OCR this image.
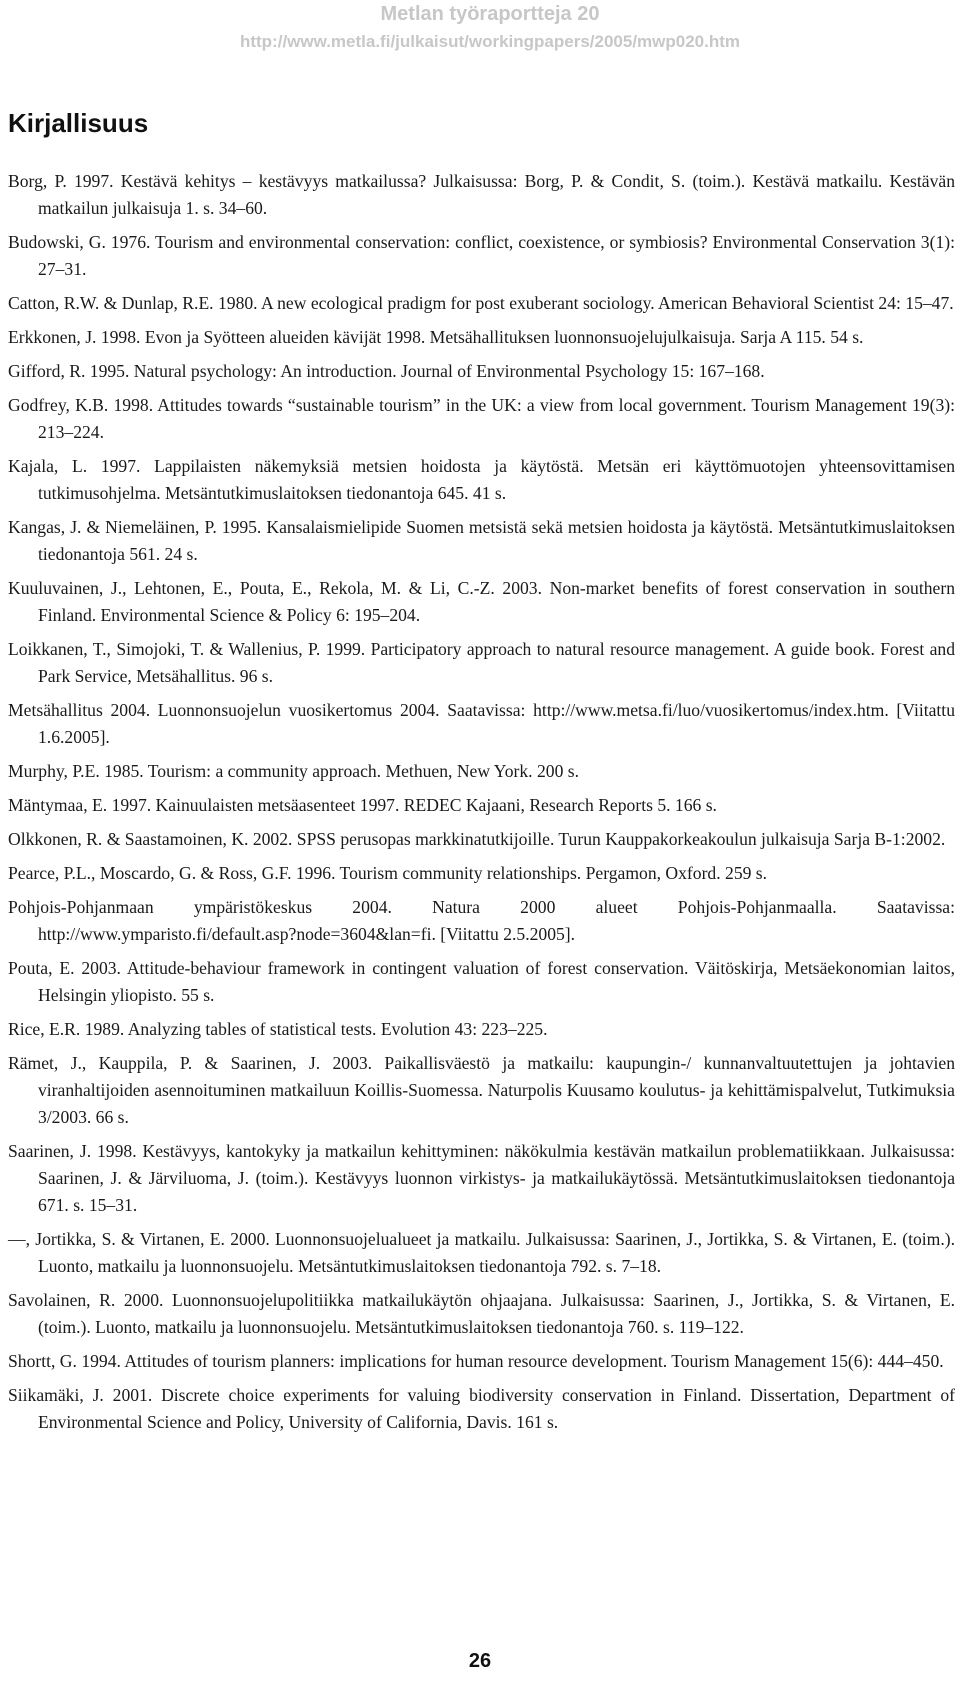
Metlan työraportteja 20
http://www.metla.fi/julkaisut/workingpapers/2005/mwp020.htm
Kirjallisuus

Borg, P. 1997. Kestävä kehitys – kestävyys matkailussa? Julkaisussa: Borg, P. & Condit, S. (toim.). Kestävä matkailu. Kestävän matkailun julkaisuja 1. s. 34–60.

Budowski, G. 1976. Tourism and environmental conservation: conflict, coexistence, or symbiosis? Environmental Conservation 3(1): 27–31.

Catton, R.W. & Dunlap, R.E. 1980. A new ecological pradigm for post exuberant sociology. American Behavioral Scientist 24: 15–47.

Erkkonen, J. 1998. Evon ja Syötteen alueiden kävijät 1998. Metsähallituksen luonnonsuojelujulkaisuja. Sarja A 115. 54 s.

Gifford, R. 1995. Natural psychology: An introduction. Journal of Environmental Psychology 15: 167–168.

Godfrey, K.B. 1998. Attitudes towards “sustainable tourism” in the UK: a view from local government. Tourism Management 19(3): 213–224.

Kajala, L. 1997. Lappilaisten näkemyksiä metsien hoidosta ja käytöstä. Metsän eri käyttömuotojen yhteensovittamisen tutkimusohjelma. Metsäntutkimuslaitoksen tiedonantoja 645. 41 s.

Kangas, J. & Niemeläinen, P. 1995. Kansalaismielipide Suomen metsistä sekä metsien hoidosta ja käytöstä. Metsäntutkimuslaitoksen tiedonantoja 561. 24 s.

Kuuluvainen, J., Lehtonen, E., Pouta, E., Rekola, M. & Li, C.-Z. 2003. Non-market benefits of forest conservation in southern Finland. Environmental Science & Policy 6: 195–204.

Loikkanen, T., Simojoki, T. & Wallenius, P. 1999. Participatory approach to natural resource management. A guide book. Forest and Park Service, Metsähallitus. 96 s.

Metsähallitus 2004. Luonnonsuojelun vuosikertomus 2004. Saatavissa: http://www.metsa.fi/luo/vuosikertomus/index.htm. [Viitattu 1.6.2005].

Murphy, P.E. 1985. Tourism: a community approach. Methuen, New York. 200 s.

Mäntymaa, E. 1997. Kainuulaisten metsäasenteet 1997. REDEC Kajaani, Research Reports 5. 166 s.

Olkkonen, R. & Saastamoinen, K. 2002. SPSS perusopas markkinatutkijoille. Turun Kauppakorkeakoulun julkaisuja Sarja B-1:2002.

Pearce, P.L., Moscardo, G. & Ross, G.F. 1996. Tourism community relationships. Pergamon, Oxford. 259 s.

Pohjois-Pohjanmaan ympäristökeskus 2004. Natura 2000 alueet Pohjois-Pohjanmaalla. Saatavissa: http://www.ymparisto.fi/default.asp?node=3604&lan=fi. [Viitattu 2.5.2005].

Pouta, E. 2003. Attitude-behaviour framework in contingent valuation of forest conservation. Väitöskirja, Metsäekonomian laitos, Helsingin yliopisto. 55 s.

Rice, E.R. 1989. Analyzing tables of statistical tests. Evolution 43: 223–225.

Rämet, J., Kauppila, P. & Saarinen, J. 2003. Paikallisväestö ja matkailu: kaupungin-/ kunnanvaltuutettujen ja johtavien viranhaltijoiden asennoituminen matkailuun Koillis-Suomessa. Naturpolis Kuusamo koulutus- ja kehittämispalvelut, Tutkimuksia 3/2003. 66 s.

Saarinen, J. 1998. Kestävyys, kantokyky ja matkailun kehittyminen: näkökulmia kestävän matkailun problematiikkaan. Julkaisussa: Saarinen, J. & Järviluoma, J. (toim.). Kestävyys luonnon virkistys- ja matkailukäytössä. Metsäntutkimuslaitoksen tiedonantoja 671. s. 15–31.

—, Jortikka, S. & Virtanen, E. 2000. Luonnonsuojelualueet ja matkailu. Julkaisussa: Saarinen, J., Jortikka, S. & Virtanen, E. (toim.). Luonto, matkailu ja luonnonsuojelu. Metsäntutkimuslaitoksen tiedonantoja 792. s. 7–18.

Savolainen, R. 2000. Luonnonsuojelupolitiikka matkailukäytön ohjaajana. Julkaisussa: Saarinen, J., Jortikka, S. & Virtanen, E. (toim.). Luonto, matkailu ja luonnonsuojelu. Metsäntutkimuslaitoksen tiedonantoja 760. s. 119–122.

Shortt, G. 1994. Attitudes of tourism planners: implications for human resource development. Tourism Management 15(6): 444–450.

Siikamäki, J. 2001. Discrete choice experiments for valuing biodiversity conservation in Finland. Dissertation, Department of Environmental Science and Policy, University of California, Davis. 161 s.

26
